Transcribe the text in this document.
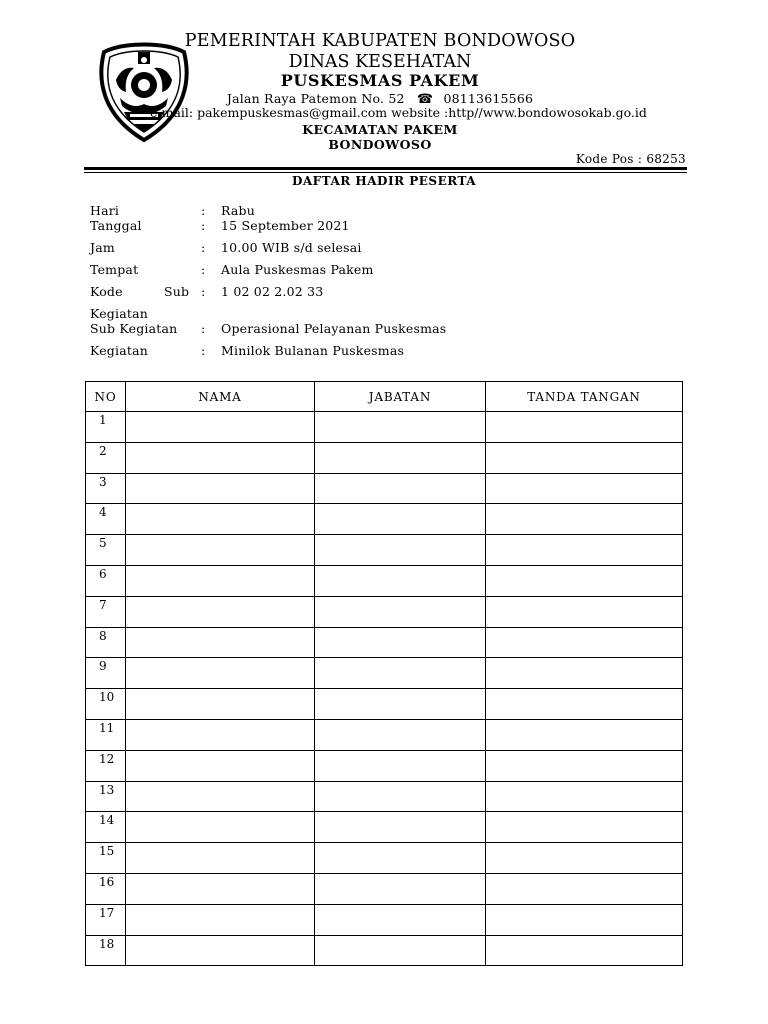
PEMERINTAH KABUPATEN BONDOWOSO
DINAS KESEHATAN
PUSKESMAS PAKEM
Jalan Raya Patemon No. 52 ☎ 08113615566
e-mail: pakempuskesmas@gmail.com website :http//www.bondowosokab.go.id
KECAMATAN PAKEM
BONDOWOSO
Kode Pos : 68253
DAFTAR HADIR PESERTA
Hari	: Rabu
Tanggal	: 15 September 2021
Jam	: 10.00 WIB s/d selesai
Tempat	: Aula Puskesmas Pakem
Kode	Sub : 1 02 02 2.02 33
Kegiatan
Sub Kegiatan : Operasional Pelayanan Puskesmas
Kegiatan	: Minilok Bulanan Puskesmas
NO	NAMA	JABATAN	TANDA TANGAN
1			
2			
3			
4			
5			
6			
7			
8			
9			
10			
11			
12			
13			
14			
15			
16			
17			
18			
